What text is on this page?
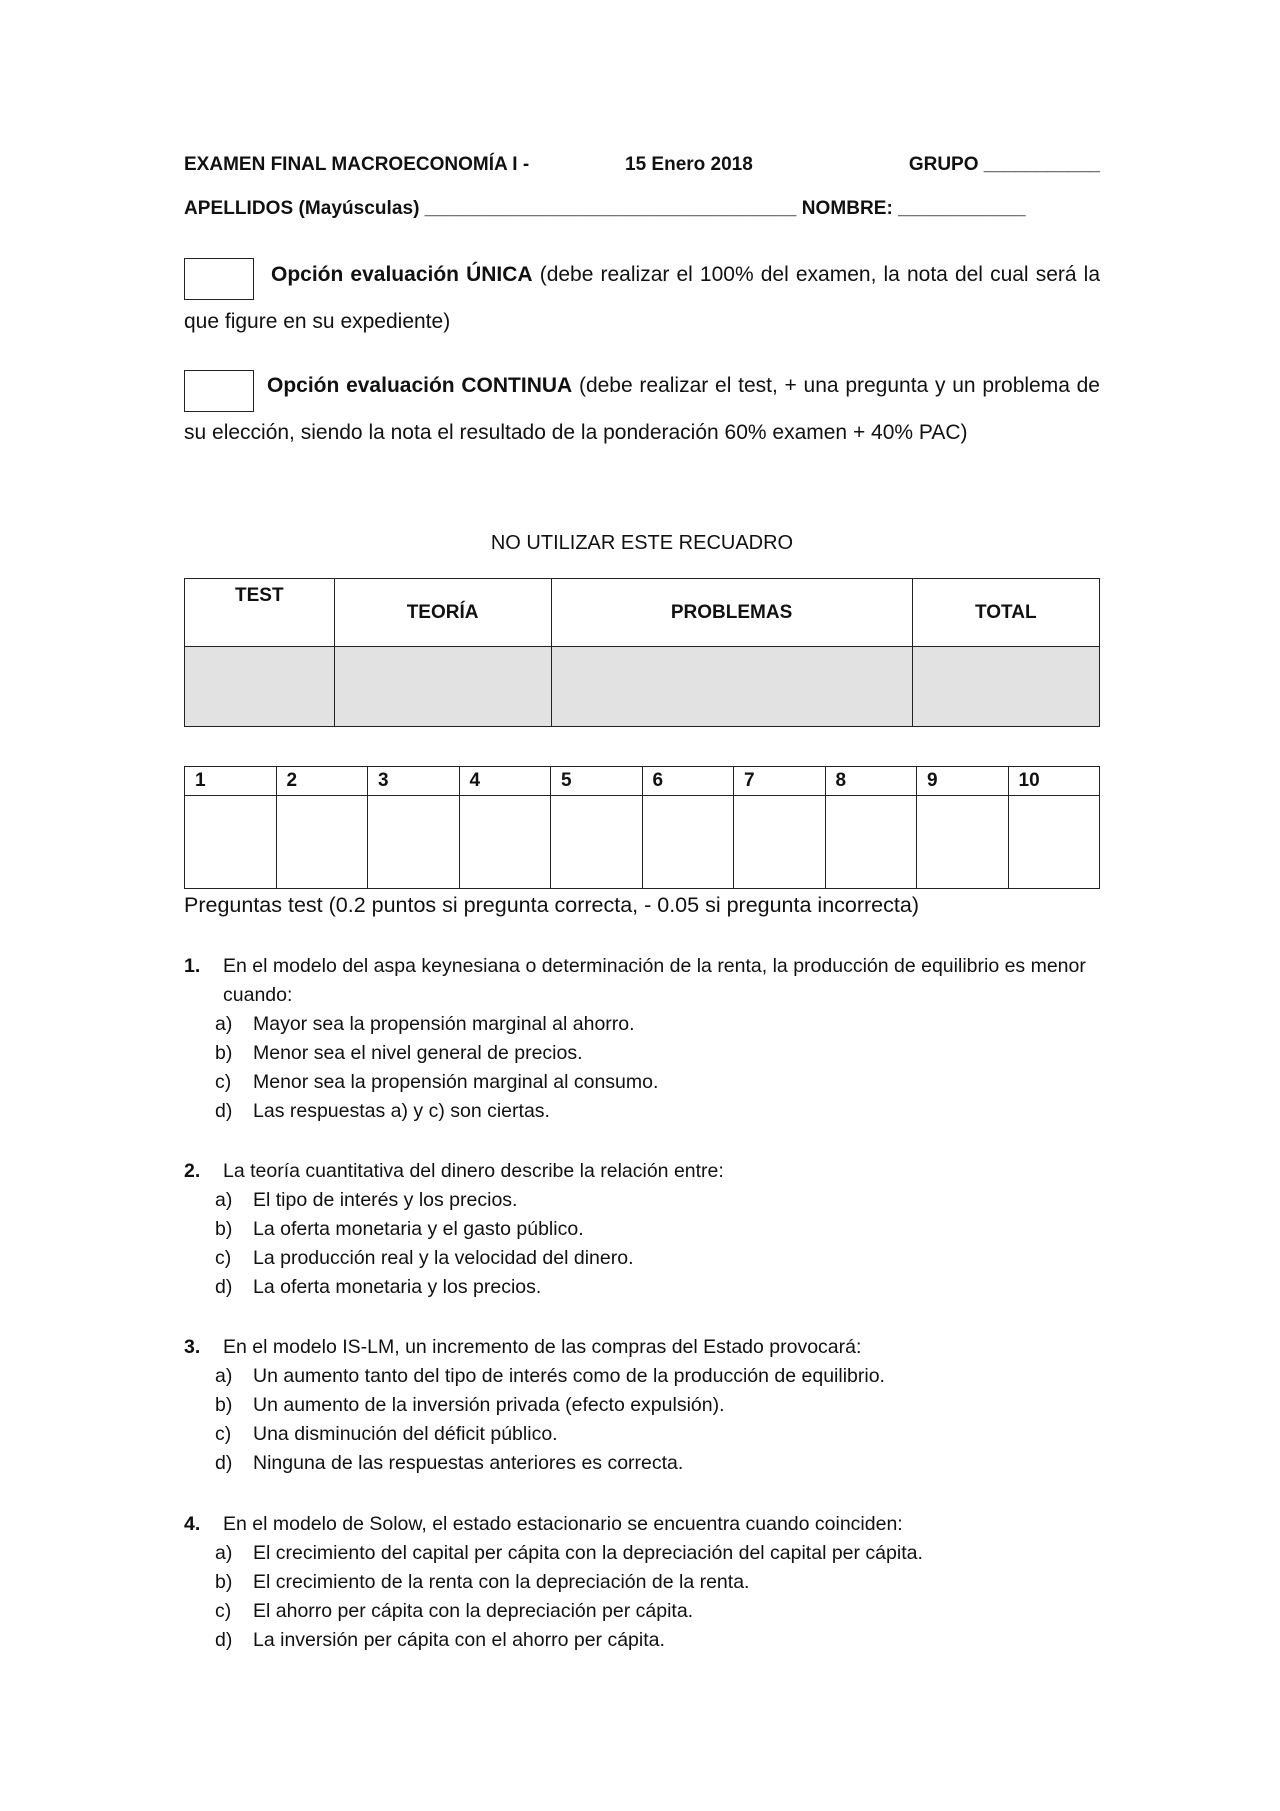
EXAMEN FINAL MACROECONOMÍA I -	15 Enero 2018	GRUPO ___________
APELLIDOS (Mayúsculas) ___________________________________ NOMBRE: ____________
Opción evaluación ÚNICA (debe realizar el 100% del examen, la nota del cual será la que figure en su expediente)
Opción evaluación CONTINUA (debe realizar el test, + una pregunta y un problema de su elección, siendo la nota el resultado de la ponderación 60% examen + 40% PAC)
NO UTILIZAR ESTE RECUADRO
TEST	TEORÍA	PROBLEMAS	TOTAL

1	2	3	4	5	6	7	8	9	10

Preguntas test (0.2 puntos si pregunta correcta, - 0.05 si pregunta incorrecta)
1. En el modelo del aspa keynesiana o determinación de la renta, la producción de equilibrio es menor cuando:
a) Mayor sea la propensión marginal al ahorro.
b) Menor sea el nivel general de precios.
c) Menor sea la propensión marginal al consumo.
d) Las respuestas a) y c) son ciertas.
2. La teoría cuantitativa del dinero describe la relación entre:
a) El tipo de interés y los precios.
b) La oferta monetaria y el gasto público.
c) La producción real y la velocidad del dinero.
d) La oferta monetaria y los precios.
3. En el modelo IS-LM, un incremento de las compras del Estado provocará:
a) Un aumento tanto del tipo de interés como de la producción de equilibrio.
b) Un aumento de la inversión privada (efecto expulsión).
c) Una disminución del déficit público.
d) Ninguna de las respuestas anteriores es correcta.
4. En el modelo de Solow, el estado estacionario se encuentra cuando coinciden:
a) El crecimiento del capital per cápita con la depreciación del capital per cápita.
b) El crecimiento de la renta con la depreciación de la renta.
c) El ahorro per cápita con la depreciación per cápita.
d) La inversión per cápita con el ahorro per cápita.
